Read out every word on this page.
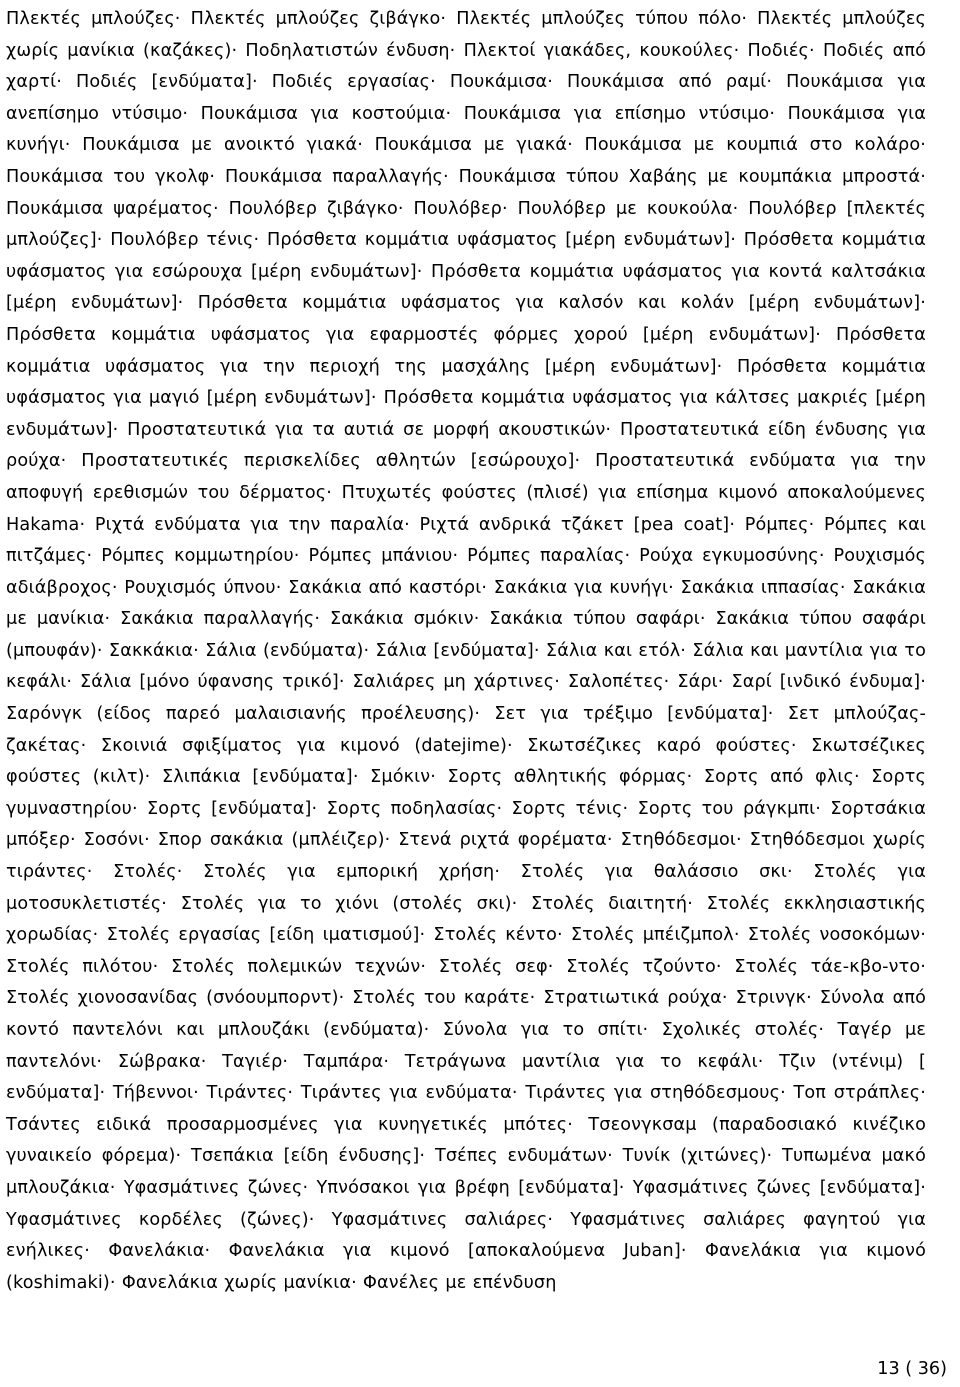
Πλεκτές μπλούζες· Πλεκτές μπλούζες ζιβάγκο· Πλεκτές μπλούζες τύπου πόλο· Πλεκτές μπλούζες χωρίς μανίκια (καζάκες)· Ποδηλατιστών ένδυση· Πλεκτοί γιακάδες, κουκούλες· Ποδιές· Ποδιές από χαρτί· Ποδιές [ενδύματα]· Ποδιές εργασίας· Πουκάμισα· Πουκάμισα από ραμί· Πουκάμισα για ανεπίσημο ντύσιμο· Πουκάμισα για κοστούμια· Πουκάμισα για επίσημο ντύσιμο· Πουκάμισα για κυνήγι· Πουκάμισα με ανοικτό γιακά· Πουκάμισα με γιακά· Πουκάμισα με κουμπιά στο κολάρο· Πουκάμισα του γκολφ· Πουκάμισα παραλλαγής· Πουκάμισα τύπου Χαβάης με κουμπάκια μπροστά· Πουκάμισα ψαρέματος· Πουλόβερ ζιβάγκο· Πουλόβερ· Πουλόβερ με κουκούλα· Πουλόβερ [πλεκτές μπλούζες]· Πουλόβερ τένις· Πρόσθετα κομμάτια υφάσματος [μέρη ενδυμάτων]· Πρόσθετα κομμάτια υφάσματος για εσώρουχα [μέρη ενδυμάτων]· Πρόσθετα κομμάτια υφάσματος για κοντά καλτσάκια [μέρη ενδυμάτων]· Πρόσθετα κομμάτια υφάσματος για καλσόν και κολάν [μέρη ενδυμάτων]· Πρόσθετα κομμάτια υφάσματος για εφαρμοστές φόρμες χορού [μέρη ενδυμάτων]· Πρόσθετα κομμάτια υφάσματος για την περιοχή της μασχάλης [μέρη ενδυμάτων]· Πρόσθετα κομμάτια υφάσματος για μαγιό [μέρη ενδυμάτων]· Πρόσθετα κομμάτια υφάσματος για κάλτσες μακριές [μέρη ενδυμάτων]· Προστατευτικά για τα αυτιά σε μορφή ακουστικών· Προστατευτικά είδη ένδυσης για ρούχα· Προστατευτικές περισκελίδες αθλητών [εσώρουχο]· Προστατευτικά ενδύματα για την αποφυγή ερεθισμών του δέρματος· Πτυχωτές φούστες (πλισέ) για επίσημα κιμονό αποκαλούμενες Hakama· Ριχτά ενδύματα για την παραλία· Ριχτά ανδρικά τζάκετ [pea coat]· Ρόμπες· Ρόμπες και πιτζάμες· Ρόμπες κομμωτηρίου· Ρόμπες μπάνιου· Ρόμπες παραλίας· Ρούχα εγκυμοσύνης· Ρουχισμός αδιάβροχος· Ρουχισμός ύπνου· Σακάκια από καστόρι· Σακάκια για κυνήγι· Σακάκια ιππασίας· Σακάκια με μανίκια· Σακάκια παραλλαγής· Σακάκια σμόκιν· Σακάκια τύπου σαφάρι· Σακάκια τύπου σαφάρι (μπουφάν)· Σακκάκια· Σάλια (ενδύματα)· Σάλια [ενδύματα]· Σάλια και ετόλ· Σάλια και μαντίλια για το κεφάλι· Σάλια [μόνο ύφανσης τρικό]· Σαλιάρες μη χάρτινες· Σαλοπέτες· Σάρι· Σαρί [ινδικό ένδυμα]· Σαρόνγκ (είδος παρεό μαλαισιανής προέλευσης)· Σετ για τρέξιμο [ενδύματα]· Σετ μπλούζας-ζακέτας· Σκοινιά σφιξίματος για κιμονό (datejime)· Σκωτσέζικες καρό φούστες· Σκωτσέζικες φούστες (κιλτ)· Σλιπάκια [ενδύματα]· Σμόκιν· Σορτς αθλητικής φόρμας· Σορτς από φλις· Σορτς γυμναστηρίου· Σορτς [ενδύματα]· Σορτς ποδηλασίας· Σορτς τένις· Σορτς του ράγκμπι· Σορτσάκια μπόξερ· Σοσόνι· Σπορ σακάκια (μπλέιζερ)· Στενά ριχτά φορέματα· Στηθόδεσμοι· Στηθόδεσμοι χωρίς τιράντες· Στολές· Στολές για εμπορική χρήση· Στολές για θαλάσσιο σκι· Στολές για μοτοσυκλετιστές· Στολές για το χιόνι (στολές σκι)· Στολές διαιτητή· Στολές εκκλησιαστικής χορωδίας· Στολές εργασίας [είδη ιματισμού]· Στολές κέντο· Στολές μπέιζμπολ· Στολές νοσοκόμων· Στολές πιλότου· Στολές πολεμικών τεχνών· Στολές σεφ· Στολές τζούντο· Στολές τάε-κβο-ντο· Στολές χιονοσανίδας (σνόουμπορντ)· Στολές του καράτε· Στρατιωτικά ρούχα· Στρινγκ· Σύνολα από κοντό παντελόνι και μπλουζάκι (ενδύματα)· Σύνολα για το σπίτι· Σχολικές στολές· Ταγέρ με παντελόνι· Σώβρακα· Ταγιέρ· Ταμπάρα· Τετράγωνα μαντίλια για το κεφάλι· Τζιν (ντένιμ) [ ενδύματα]· Τήβεννοι· Τιράντες· Τιράντες για ενδύματα· Τιράντες για στηθόδεσμους· Τοπ στράπλες· Τσάντες ειδικά προσαρμοσμένες για κυνηγετικές μπότες· Τσεονγκσαμ (παραδοσιακό κινέζικο γυναικείο φόρεμα)· Τσεπάκια [είδη ένδυσης]· Τσέπες ενδυμάτων· Τυνίκ (χιτώνες)· Τυπωμένα μακό μπλουζάκια· Υφασμάτινες ζώνες· Υπνόσακοι για βρέφη [ενδύματα]· Υφασμάτινες ζώνες [ενδύματα]· Υφασμάτινες κορδέλες (ζώνες)· Υφασμάτινες σαλιάρες· Υφασμάτινες σαλιάρες φαγητού για ενήλικες· Φανελάκια· Φανελάκια για κιμονό [αποκαλούμενα Juban]· Φανελάκια για κιμονό (koshimaki)· Φανελάκια χωρίς μανίκια· Φανέλες με επένδυση

13 ( 36)
